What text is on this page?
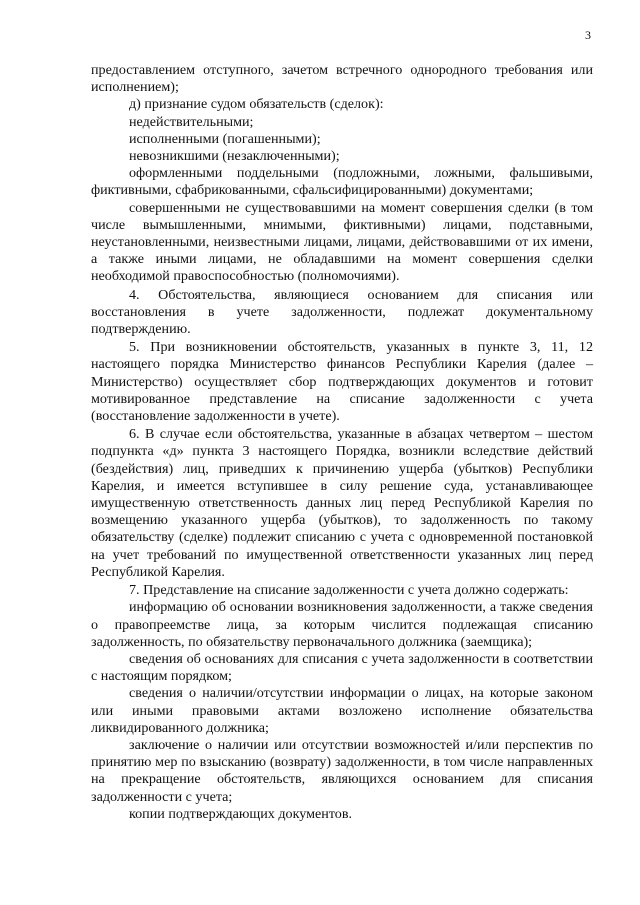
3

предоставлением отступного, зачетом встречного однородного требования или исполнением);

д) признание судом обязательств (сделок):

недействительными;

исполненными (погашенными);

невозникшими (незаключенными);

оформленными поддельными (подложными, ложными, фальшивыми, фиктивными, сфабрикованными, сфальсифицированными) документами;

совершенными не существовавшими на момент совершения сделки (в том числе вымышленными, мнимыми, фиктивными) лицами, подставными, неустановленными, неизвестными лицами, лицами, действовавшими от их имени, а также иными лицами, не обладавшими на момент совершения сделки необходимой правоспособностью (полномочиями).

4. Обстоятельства, являющиеся основанием для списания или восстановления в учете задолженности, подлежат документальному подтверждению.

5. При возникновении обстоятельств, указанных в пункте 3, 11, 12 настоящего порядка Министерство финансов Республики Карелия (далее – Министерство) осуществляет сбор подтверждающих документов и готовит мотивированное представление на списание задолженности с учета (восстановление задолженности в учете).

6. В случае если обстоятельства, указанные в абзацах четвертом – шестом подпункта «д» пункта 3 настоящего Порядка, возникли вследствие действий (бездействия) лиц, приведших к причинению ущерба (убытков) Республики Карелия, и имеется вступившее в силу решение суда, устанавливающее имущественную ответственность данных лиц перед Республикой Карелия по возмещению указанного ущерба (убытков), то задолженность по такому обязательству (сделке) подлежит списанию с учета с одновременной постановкой на учет требований по имущественной ответственности указанных лиц перед Республикой Карелия.

7. Представление на списание задолженности с учета должно содержать:

информацию об основании возникновения задолженности, а также сведения о правопреемстве лица, за которым числится подлежащая списанию задолженность, по обязательству первоначального должника (заемщика);

сведения об основаниях для списания с учета задолженности в соответствии с настоящим порядком;

сведения о наличии/отсутствии информации о лицах, на которые законом или иными правовыми актами возложено исполнение обязательства ликвидированного должника;

заключение о наличии или отсутствии возможностей и/или перспектив по принятию мер по взысканию (возврату) задолженности, в том числе направленных на прекращение обстоятельств, являющихся основанием для списания задолженности с учета;

копии подтверждающих документов.
